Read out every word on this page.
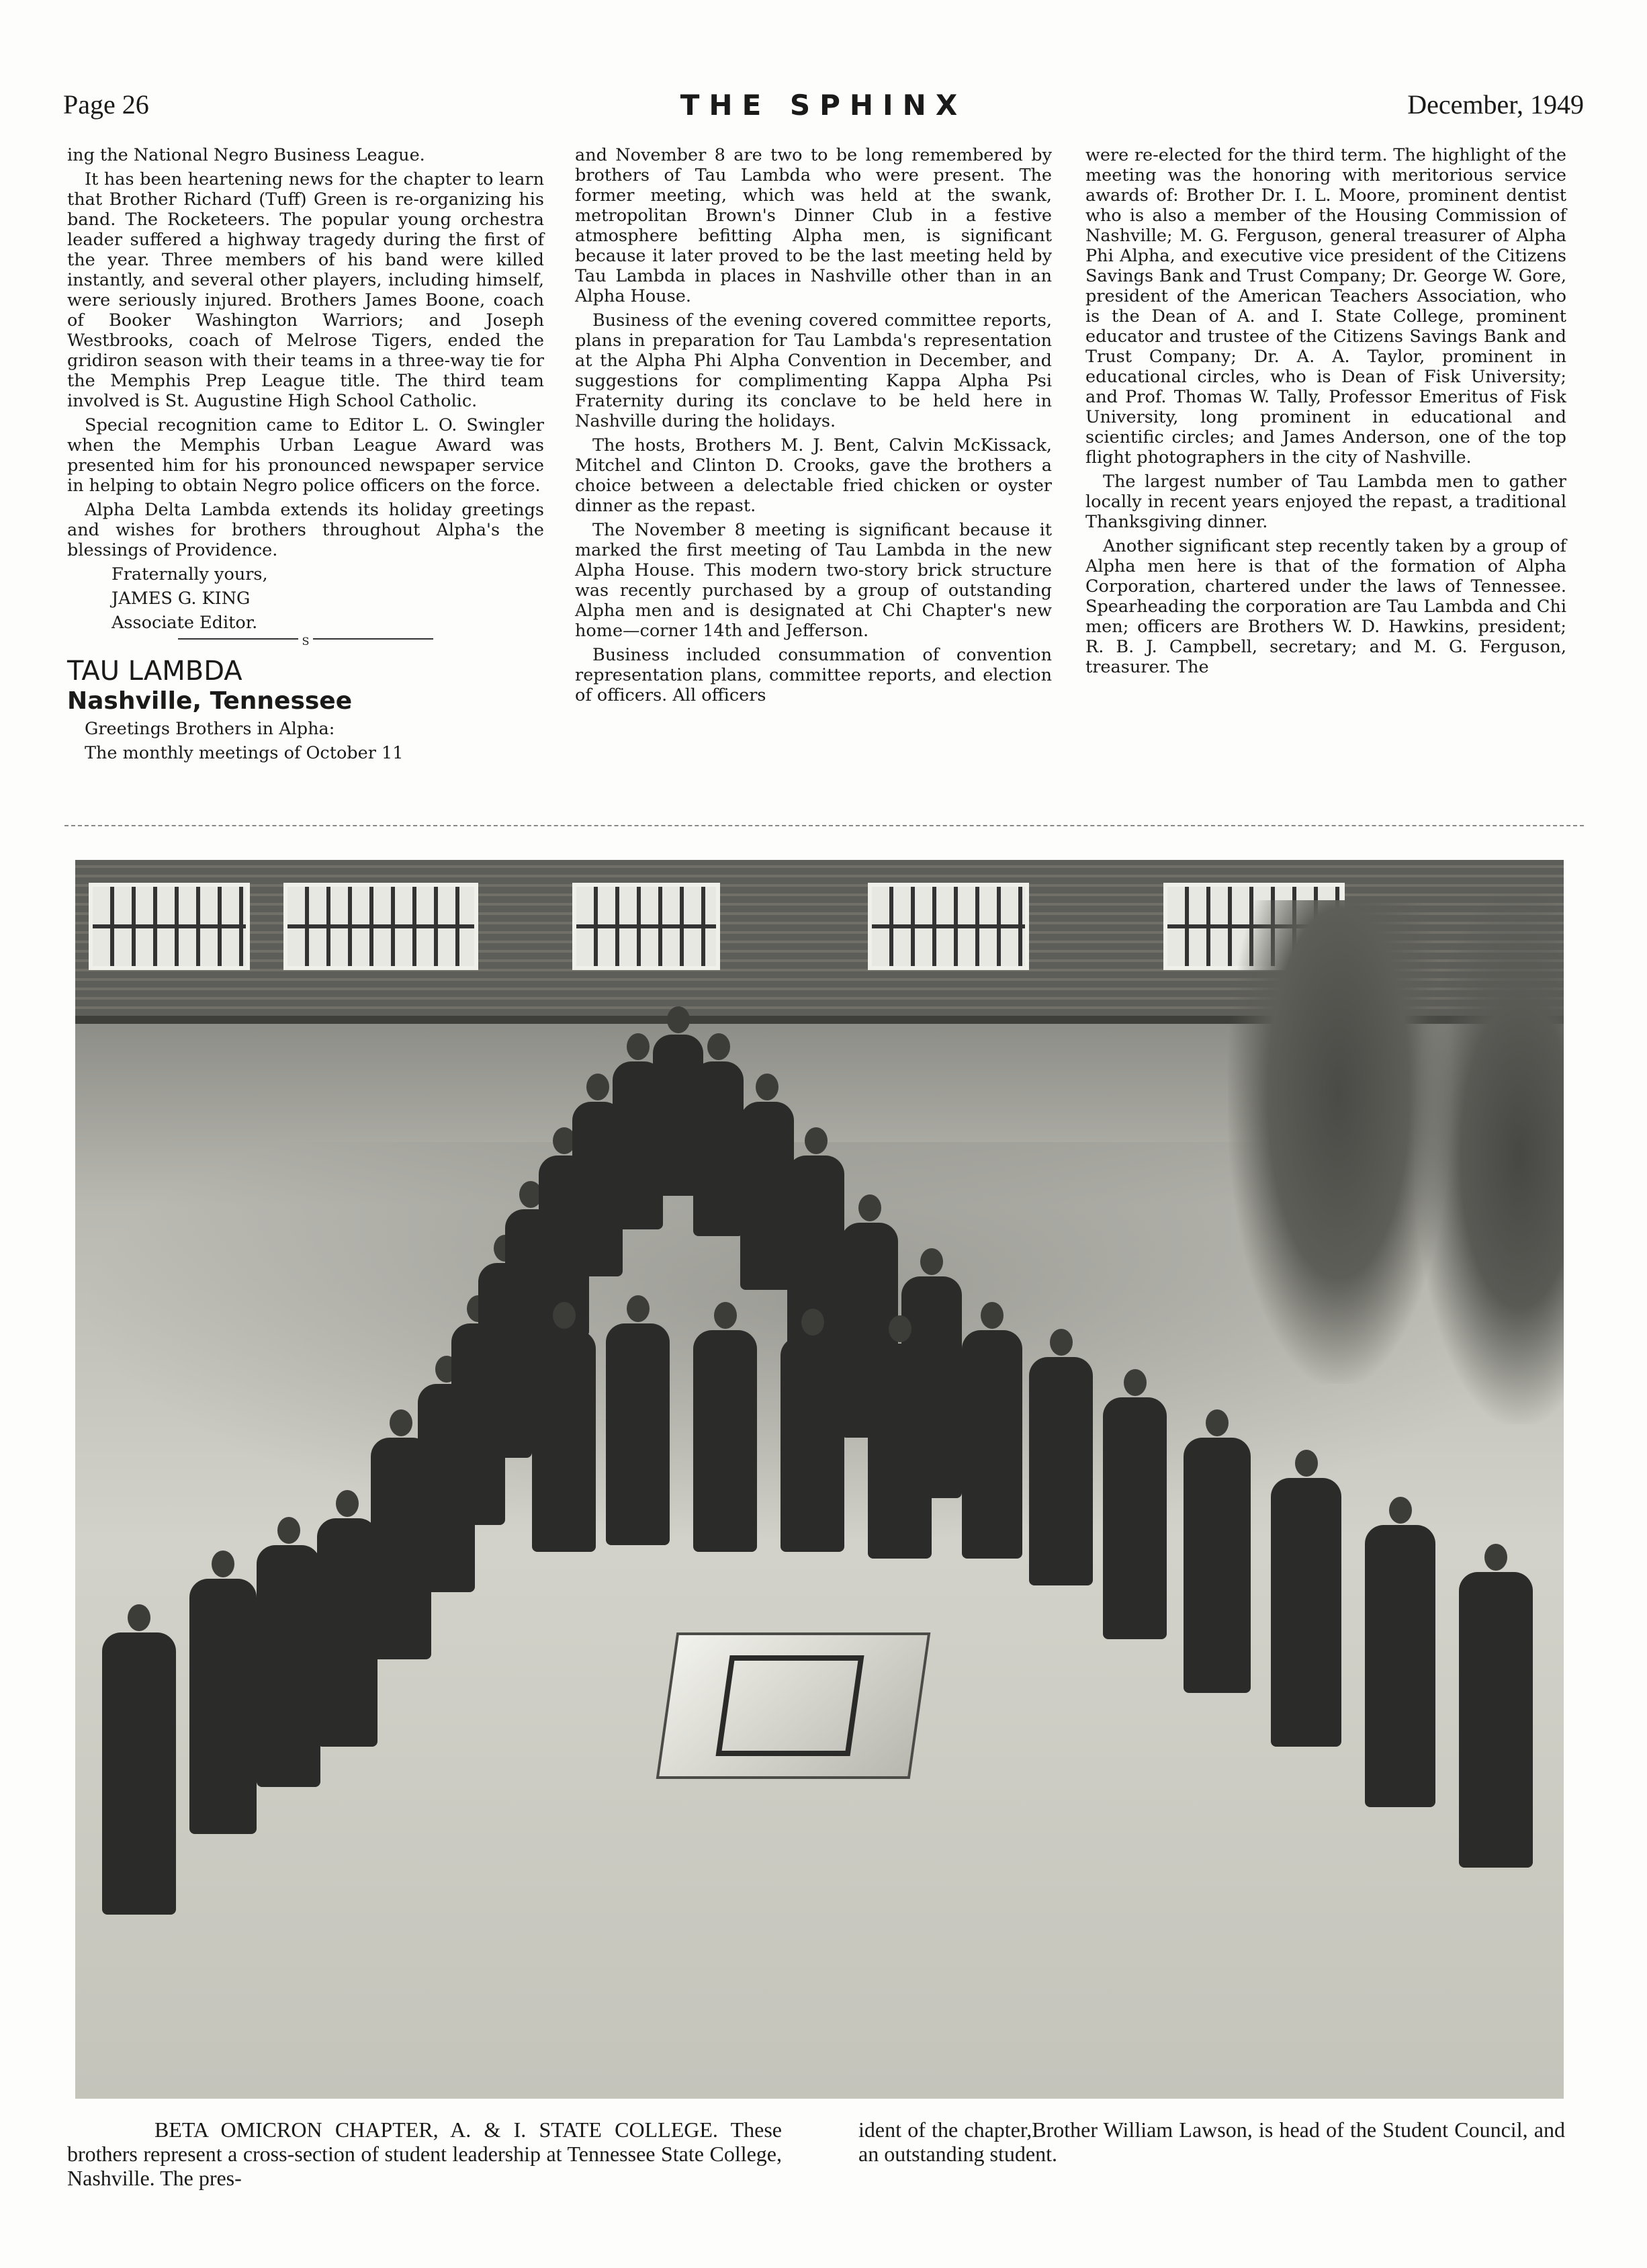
Page 26	THE SPHINX	December, 1949

ing the National Negro Business League.

It has been heartening news for the chapter to learn that Brother Richard (Tuff) Green is re-organizing his band. The Rocketeers. The popular young orchestra leader suffered a highway tragedy during the first of the year. Three members of his band were killed instantly, and several other players, including himself, were seriously injured. Brothers James Boone, coach of Booker Washington Warriors; and Joseph Westbrooks, coach of Melrose Tigers, ended the gridiron season with their teams in a three-way tie for the Memphis Prep League title. The third team involved is St. Augustine High School Catholic.

Special recognition came to Editor L. O. Swingler when the Memphis Urban League Award was presented him for his pronounced newspaper service in helping to obtain Negro police officers on the force.

Alpha Delta Lambda extends its holiday greetings and wishes for brothers throughout Alpha's the blessings of Providence.

Fraternally yours,

JAMES G. KING

Associate Editor.

S
TAU LAMBDA
Nashville, Tennessee

Greetings Brothers in Alpha:

The monthly meetings of October 11

and November 8 are two to be long remembered by brothers of Tau Lambda who were present. The former meeting, which was held at the swank, metropolitan Brown's Dinner Club in a festive atmosphere befitting Alpha men, is significant because it later proved to be the last meeting held by Tau Lambda in places in Nashville other than in an Alpha House.

Business of the evening covered committee reports, plans in preparation for Tau Lambda's representation at the Alpha Phi Alpha Convention in December, and suggestions for complimenting Kappa Alpha Psi Fraternity during its conclave to be held here in Nashville during the holidays.

The hosts, Brothers M. J. Bent, Calvin McKissack, Mitchel and Clinton D. Crooks, gave the brothers a choice between a delectable fried chicken or oyster dinner as the repast.

The November 8 meeting is significant because it marked the first meeting of Tau Lambda in the new Alpha House. This modern two-story brick structure was recently purchased by a group of outstanding Alpha men and is designated at Chi Chapter's new home—corner 14th and Jefferson.

Business included consummation of convention representation plans, committee reports, and election of officers. All officers

were re-elected for the third term. The highlight of the meeting was the honoring with meritorious service awards of: Brother Dr. I. L. Moore, prominent dentist who is also a member of the Housing Commission of Nashville; M. G. Ferguson, general treasurer of Alpha Phi Alpha, and executive vice president of the Citizens Savings Bank and Trust Company; Dr. George W. Gore, president of the American Teachers Association, who is the Dean of A. and I. State College, prominent educator and trustee of the Citizens Savings Bank and Trust Company; Dr. A. A. Taylor, prominent in educational circles, who is Dean of Fisk University; and Prof. Thomas W. Tally, Professor Emeritus of Fisk University, long prominent in educational and scientific circles; and James Anderson, one of the top flight photographers in the city of Nashville.

The largest number of Tau Lambda men to gather locally in recent years enjoyed the repast, a traditional Thanksgiving dinner.

Another significant step recently taken by a group of Alpha men here is that of the formation of Alpha Corporation, chartered under the laws of Tennessee. Spearheading the corporation are Tau Lambda and Chi men; officers are Brothers W. D. Hawkins, president; R. B. J. Campbell, secretary; and M. G. Ferguson, treasurer. The

BETA OMICRON CHAPTER, A. & I. STATE COLLEGE. These brothers represent a cross-section of student leadership at Tennessee State College, Nashville. The pres-

ident of the chapter,Brother William Lawson, is head of the Student Council, and an outstanding student.
